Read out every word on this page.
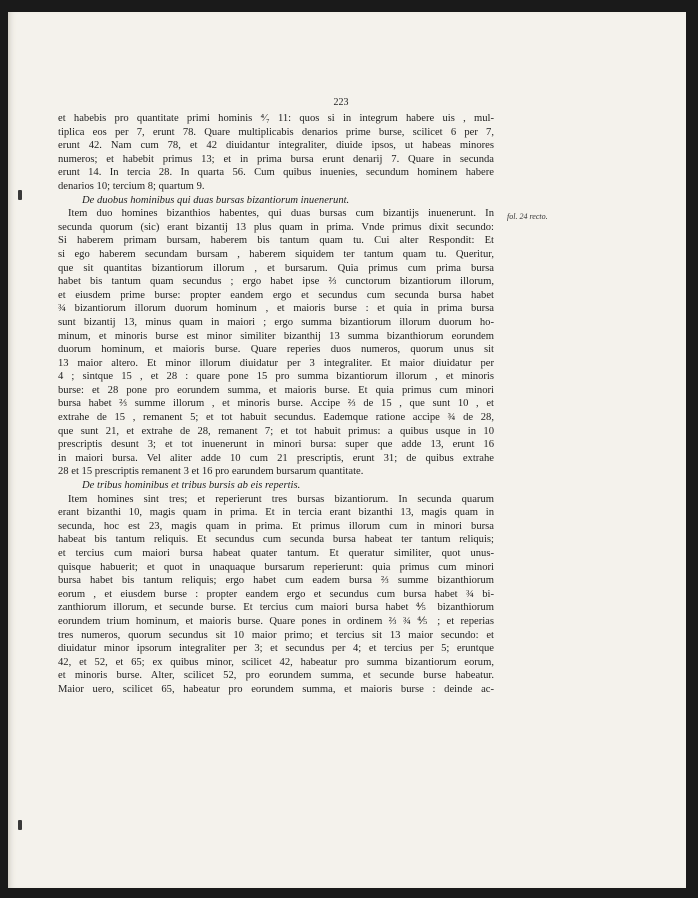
223
fol. 24 recto.
et habebis pro quantitate primi hominis ⁴⁄₇ 11: quos si in integrum habere uis , mul-
tiplica eos per 7, erunt 78. Quare multiplicabis denarios prime burse, scilicet 6 per 7,
erunt 42. Nam cum 78, et 42 diuidantur integraliter, diuide ipsos, ut habeas minores
numeros; et habebit primus 13; et in prima bursa erunt denarij 7. Quare in secunda
erunt 14. In tercia 28. In quarta 56. Cum quibus inuenies, secundum hominem habere
denarios 10; tercium 8; quartum 9.
De duobus hominibus qui duas bursas bizantiorum inuenerunt.
Item duo homines bizanthios habentes, qui duas bursas cum bizantijs inuenerunt. In
secunda quorum (sic) erant bizantij 13 plus quam in prima. Vnde primus dixit secundo:
Si haberem primam bursam, haberem bis tantum quam tu. Cui alter Respondit: Et
si ego haberem secundam bursam , haberem siquidem ter tantum quam tu. Queritur,
que sit quantitas bizantiorum illorum , et bursarum. Quia primus cum prima bursa
habet bis tantum quam secundus ; ergo habet ipse ⅔ cunctorum bizantiorum illorum,
et eiusdem prime burse: propter eandem ergo et secundus cum secunda bursa habet
¾ bizantiorum illorum duorum hominum , et maioris burse : et quia in prima bursa
sunt bizantij 13, minus quam in maiori ; ergo summa bizantiorum illorum duorum ho-
minum, et minoris burse est minor similiter bizanthij 13 summa bizanthiorum eorundem
duorum hominum, et maioris burse. Quare reperies duos numeros, quorum unus sit
13 maior altero. Et minor illorum diuidatur per 3 integraliter. Et maior diuidatur per
4 ; sintque 15 , et 28 : quare pone 15 pro summa bizantiorum illorum , et minoris
burse: et 28 pone pro eorundem summa, et maioris burse. Et quia primus cum minori
bursa habet ⅔ summe illorum , et minoris burse. Accipe ⅔ de 15 , que sunt 10 , et
extrahe de 15 , remanent 5; et tot habuit secundus. Eademque ratione accipe ¾ de 28,
que sunt 21, et extrahe de 28, remanent 7; et tot habuit primus: a quibus usque in 10
prescriptis desunt 3; et tot inuenerunt in minori bursa: super que adde 13, erunt 16
in maiori bursa. Vel aliter adde 10 cum 21 prescriptis, erunt 31; de quibus extrahe
28 et 15 prescriptis remanent 3 et 16 pro earundem bursarum quantitate.
De tribus hominibus et tribus bursis ab eis repertis.
Item homines sint tres; et reperierunt tres bursas bizantiorum. In secunda quarum
erant bizanthi 10, magis quam in prima. Et in tercia erant bizanthi 13, magis quam in
secunda, hoc est 23, magis quam in prima. Et primus illorum cum in minori bursa
habeat bis tantum reliquis. Et secundus cum secunda bursa habeat ter tantum reliquis;
et tercius cum maiori bursa habeat quater tantum. Et queratur similiter, quot unus-
quisque habuerit; et quot in unaquaque bursarum reperierunt: quia primus cum minori
bursa habet bis tantum reliquis; ergo habet cum eadem bursa ⅔ summe bizanthiorum
eorum , et eiusdem burse : propter eandem ergo et secundus cum bursa habet ¾ bi-
zanthiorum illorum, et secunde burse. Et tercius cum maiori bursa habet ⅘ bizanthiorum
eorundem trium hominum, et maioris burse. Quare pones in ordinem ⅔ ¾ ⅘ ; et reperias
tres numeros, quorum secundus sit 10 maior primo; et tercius sit 13 maior secundo: et
diuidatur minor ipsorum integraliter per 3; et secundus per 4; et tercius per 5; eruntque
42, et 52, et 65; ex quibus minor, scilicet 42, habeatur pro summa bizantiorum eorum,
et minoris burse. Alter, scilicet 52, pro eorundem summa, et secunde burse habeatur.
Maior uero, scilicet 65, habeatur pro eorundem summa, et maioris burse : deinde ac-
